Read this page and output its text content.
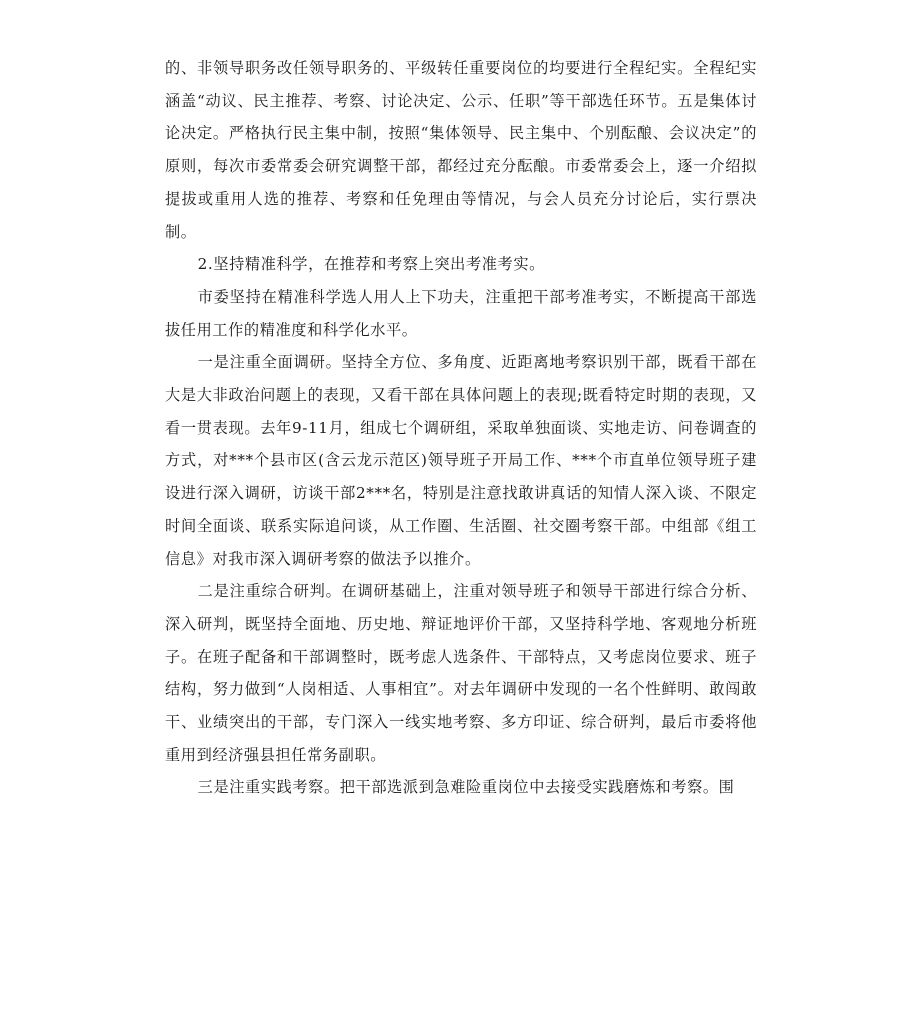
的、非领导职务改任领导职务的、平级转任重要岗位的均要进行全程纪实。全程纪实涵盖“动议、民主推荐、考察、讨论决定、公示、任职”等干部选任环节。五是集体讨论决定。严格执行民主集中制，按照“集体领导、民主集中、个别酝酿、会议决定”的原则，每次市委常委会研究调整干部，都经过充分酝酿。市委常委会上，逐一介绍拟提拔或重用人选的推荐、考察和任免理由等情况，与会人员充分讨论后，实行票决制。

2.坚持精准科学，在推荐和考察上突出考准考实。

市委坚持在精准科学选人用人上下功夫，注重把干部考准考实，不断提高干部选拔任用工作的精准度和科学化水平。

一是注重全面调研。坚持全方位、多角度、近距离地考察识别干部，既看干部在大是大非政治问题上的表现，又看干部在具体问题上的表现;既看特定时期的表现，又看一贯表现。去年9-11月，组成七个调研组，采取单独面谈、实地走访、问卷调查的方式，对***个县市区(含云龙示范区)领导班子开局工作、***个市直单位领导班子建设进行深入调研，访谈干部2***名，特别是注意找敢讲真话的知情人深入谈、不限定时间全面谈、联系实际追问谈，从工作圈、生活圈、社交圈考察干部。中组部《组工信息》对我市深入调研考察的做法予以推介。

二是注重综合研判。在调研基础上，注重对领导班子和领导干部进行综合分析、深入研判，既坚持全面地、历史地、辩证地评价干部，又坚持科学地、客观地分析班子。在班子配备和干部调整时，既考虑人选条件、干部特点，又考虑岗位要求、班子结构，努力做到“人岗相适、人事相宜”。对去年调研中发现的一名个性鲜明、敢闯敢干、业绩突出的干部，专门深入一线实地考察、多方印证、综合研判，最后市委将他重用到经济强县担任常务副职。

三是注重实践考察。把干部选派到急难险重岗位中去接受实践磨炼和考察。围
